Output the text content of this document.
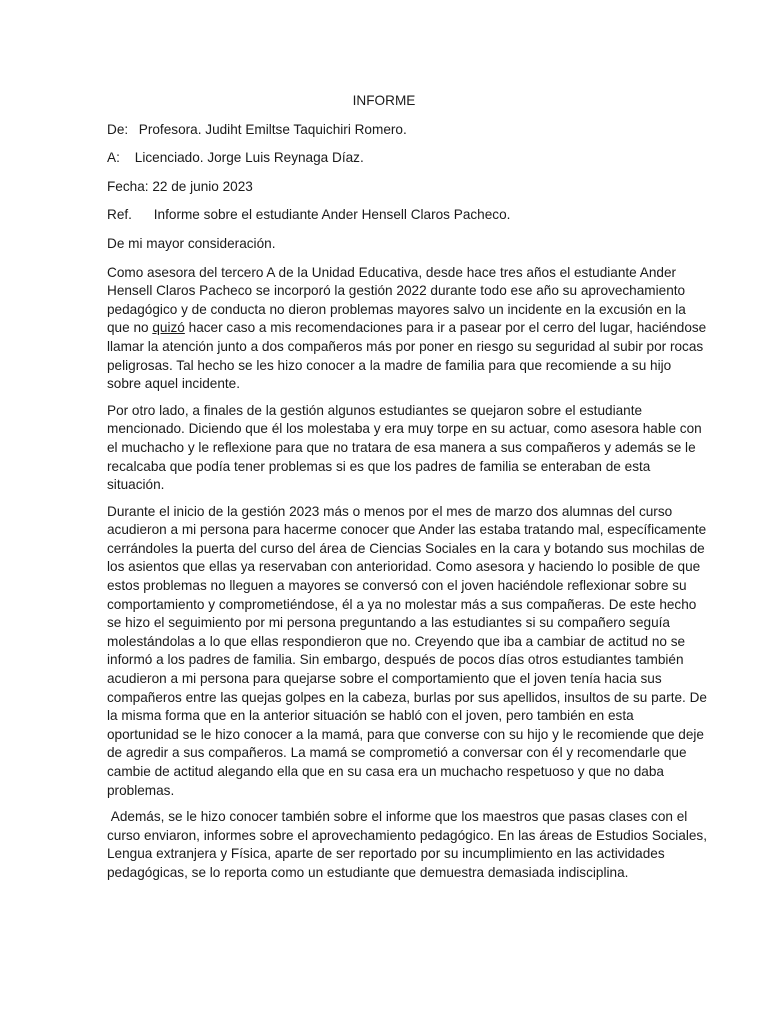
INFORME
De: Profesora. Judiht Emiltse Taquichiri Romero.
A: Licenciado. Jorge Luis Reynaga Díaz.
Fecha: 22 de junio 2023
Ref. Informe sobre el estudiante Ander Hensell Claros Pacheco.
De mi mayor consideración.

Como asesora del tercero A de la Unidad Educativa, desde hace tres años el estudiante Ander Hensell Claros Pacheco se incorporó la gestión 2022 durante todo ese año su aprovechamiento pedagógico y de conducta no dieron problemas mayores salvo un incidente en la excusión en la que no quizó hacer caso a mis recomendaciones para ir a pasear por el cerro del lugar, haciéndose llamar la atención junto a dos compañeros más por poner en riesgo su seguridad al subir por rocas peligrosas. Tal hecho se les hizo conocer a la madre de familia para que recomiende a su hijo sobre aquel incidente.

Por otro lado, a finales de la gestión algunos estudiantes se quejaron sobre el estudiante mencionado. Diciendo que él los molestaba y era muy torpe en su actuar, como asesora hable con el muchacho y le reflexione para que no tratara de esa manera a sus compañeros y además se le recalcaba que podía tener problemas si es que los padres de familia se enteraban de esta situación.

Durante el inicio de la gestión 2023 más o menos por el mes de marzo dos alumnas del curso acudieron a mi persona para hacerme conocer que Ander las estaba tratando mal, específicamente cerrándoles la puerta del curso del área de Ciencias Sociales en la cara y botando sus mochilas de los asientos que ellas ya reservaban con anterioridad. Como asesora y haciendo lo posible de que estos problemas no lleguen a mayores se conversó con el joven haciéndole reflexionar sobre su comportamiento y comprometiéndose, él a ya no molestar más a sus compañeras. De este hecho se hizo el seguimiento por mi persona preguntando a las estudiantes si su compañero seguía molestándolas a lo que ellas respondieron que no. Creyendo que iba a cambiar de actitud no se informó a los padres de familia. Sin embargo, después de pocos días otros estudiantes también acudieron a mi persona para quejarse sobre el comportamiento que el joven tenía hacia sus compañeros entre las quejas golpes en la cabeza, burlas por sus apellidos, insultos de su parte. De la misma forma que en la anterior situación se habló con el joven, pero también en esta oportunidad se le hizo conocer a la mamá, para que converse con su hijo y le recomiende que deje de agredir a sus compañeros. La mamá se comprometió a conversar con él y recomendarle que cambie de actitud alegando ella que en su casa era un muchacho respetuoso y que no daba problemas.

Además, se le hizo conocer también sobre el informe que los maestros que pasas clases con el curso enviaron, informes sobre el aprovechamiento pedagógico. En las áreas de Estudios Sociales, Lengua extranjera y Física, aparte de ser reportado por su incumplimiento en las actividades pedagógicas, se lo reporta como un estudiante que demuestra demasiada indisciplina.
